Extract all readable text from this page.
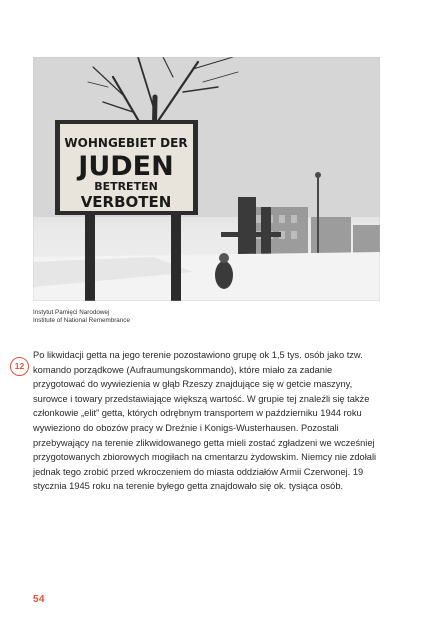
WOHNGEBIET DER
JUDEN
BETRETEN
VERBOTEN
Instytut Pamięci Narodowej
Institute of National Remembrance
12

Po likwidacji getta na jego terenie pozostawiono grupę ok 1,5 tys. osób jako tzw. komando porządkowe (Aufraumungskommando), które miało za zadanie przygotować do wywiezienia w głąb Rzeszy znajdujące się w getcie maszyny, surowce i towary przedstawiające większą wartość. W grupie tej znaleźli się także członkowie „elit” getta, których odrębnym transportem w październiku 1944 roku wywieziono do obozów pracy w Dreźnie i Konigs-Wusterhausen. Pozostali przebywający na terenie zlikwidowanego getta mieli zostać zgładzeni we wcześniej przygotowanych zbiorowych mogiłach na cmentarzu żydowskim. Niemcy nie zdołali jednak tego zrobić przed wkroczeniem do miasta oddziałów Armii Czerwonej. 19 stycznia 1945 roku na terenie byłego getta znajdowało się ok. tysiąca osób.

54
